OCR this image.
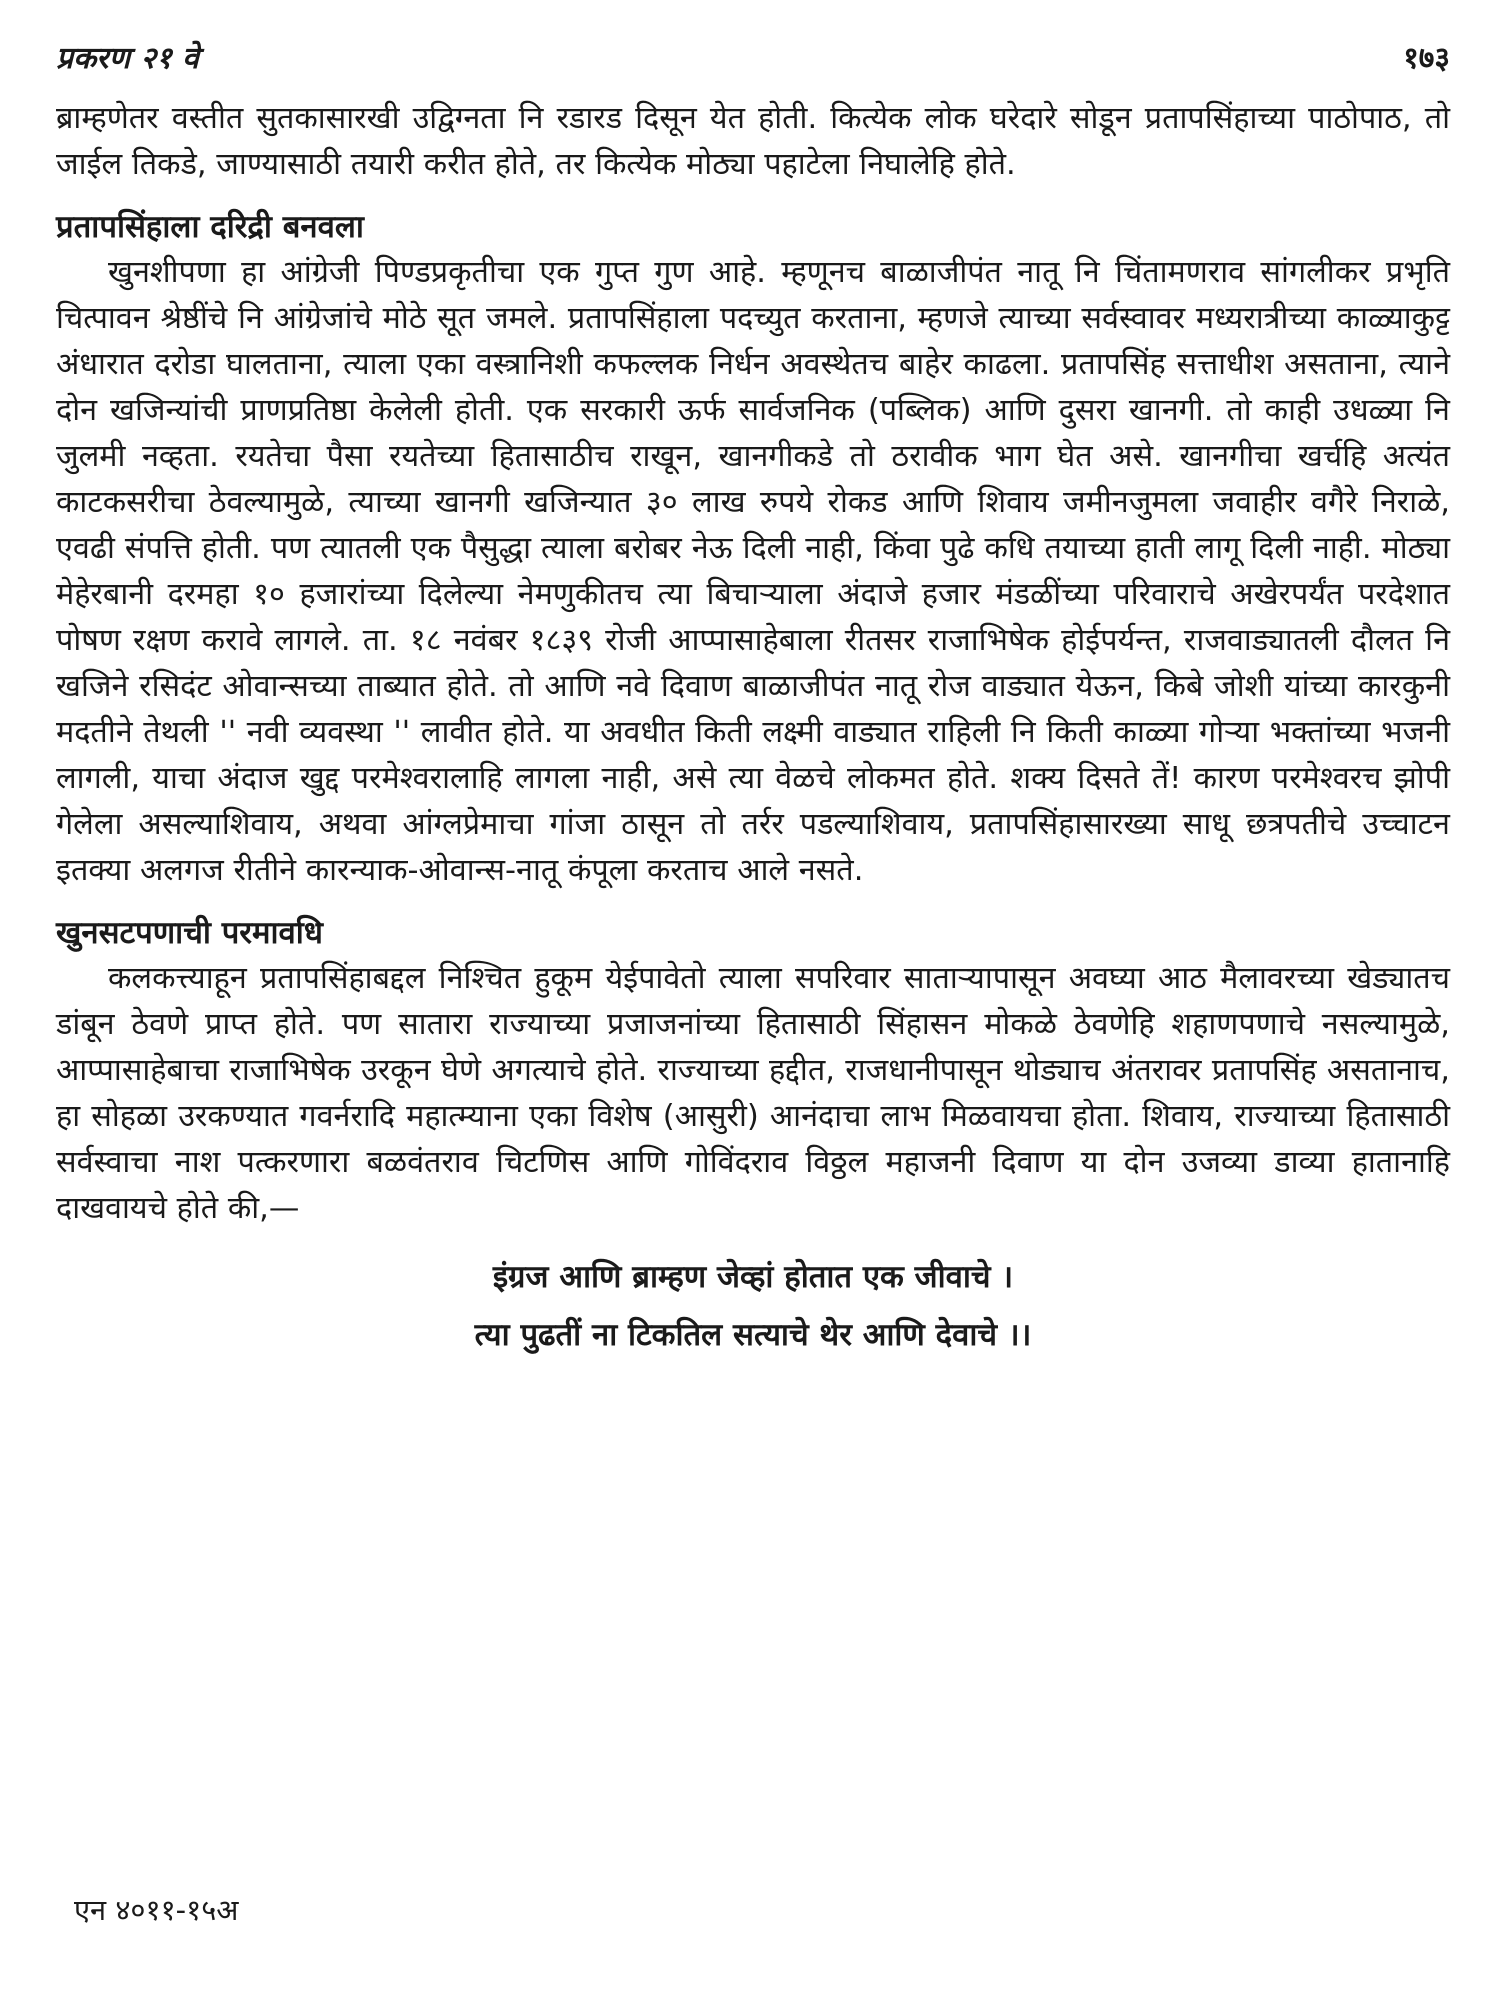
प्रकरण २१ वे	१७३

ब्राम्हणेतर वस्तीत सुतकासारखी उद्विग्नता नि रडारड दिसून येत होती. कित्येक लोक घरेदारे सोडून प्रतापसिंहाच्या पाठोपाठ, तो जाईल तिकडे, जाण्यासाठी तयारी करीत होते, तर कित्येक मोठ्या पहाटेला निघालेहि होते.

प्रतापसिंहाला दरिद्री बनवला

खुनशीपणा हा आंग्रेजी पिण्डप्रकृतीचा एक गुप्त गुण आहे. म्हणूनच बाळाजीपंत नातू नि चिंतामणराव सांगलीकर प्रभृति चित्पावन श्रेष्ठींचे नि आंग्रेजांचे मोठे सूत जमले. प्रतापसिंहाला पदच्युत करताना, म्हणजे त्याच्या सर्वस्वावर मध्यरात्रीच्या काळ्याकुट्ट अंधारात दरोडा घालताना, त्याला एका वस्त्रानिशी कफल्लक निर्धन अवस्थेतच बाहेर काढला. प्रतापसिंह सत्ताधीश असताना, त्याने दोन खजिन्यांची प्राणप्रतिष्ठा केलेली होती. एक सरकारी ऊर्फ सार्वजनिक (पब्लिक) आणि दुसरा खानगी. तो काही उधळ्या नि जुलमी नव्हता. रयतेचा पैसा रयतेच्या हितासाठीच राखून, खानगीकडे तो ठरावीक भाग घेत असे. खानगीचा खर्चहि अत्यंत काटकसरीचा ठेवल्यामुळे, त्याच्या खानगी खजिन्यात ३० लाख रुपये रोकड आणि शिवाय जमीनजुमला जवाहीर वगैरे निराळे, एवढी संपत्ति होती. पण त्यातली एक पैसुद्धा त्याला बरोबर नेऊ दिली नाही, किंवा पुढे कधि तयाच्या हाती लागू दिली नाही. मोठ्या मेहेरबानी दरमहा १० हजारांच्या दिलेल्या नेमणुकीतच त्या बिचाऱ्याला अंदाजे हजार मंडळींच्या परिवाराचे अखेरपर्यंत परदेशात पोषण रक्षण करावे लागले. ता. १८ नवंबर १८३९ रोजी आप्पासाहेबाला रीतसर राजाभिषेक होईपर्यन्त, राजवाड्यातली दौलत नि खजिने रसिदंट ओवान्सच्या ताब्यात होते. तो आणि नवे दिवाण बाळाजीपंत नातू रोज वाड्यात येऊन, किबे जोशी यांच्या कारकुनी मदतीने तेथली '' नवी व्यवस्था '' लावीत होते. या अवधीत किती लक्ष्मी वाड्यात राहिली नि किती काळ्या गोऱ्या भक्तांच्या भजनी लागली, याचा अंदाज खुद्द परमेश्वरालाहि लागला नाही, असे त्या वेळचे लोकमत होते. शक्य दिसते तें! कारण परमेश्वरच झोपी गेलेला असल्याशिवाय, अथवा आंग्लप्रेमाचा गांजा ठासून तो तर्रर पडल्याशिवाय, प्रतापसिंहासारख्या साधू छत्रपतीचे उच्चाटन इतक्या अलगज रीतीने कारन्याक-ओवान्स-नातू कंपूला करताच आले नसते.

खुनसटपणाची परमावधि

कलकत्त्याहून प्रतापसिंहाबद्दल निश्चित हुकूम येईपावेतो त्याला सपरिवार साताऱ्यापासून अवघ्या आठ मैलावरच्या खेड्यातच डांबून ठेवणे प्राप्त होते. पण सातारा राज्याच्या प्रजाजनांच्या हितासाठी सिंहासन मोकळे ठेवणेहि शहाणपणाचे नसल्यामुळे, आप्पासाहेबाचा राजाभिषेक उरकून घेणे अगत्याचे होते. राज्याच्या हद्दीत, राजधानीपासून थोड्याच अंतरावर प्रतापसिंह असतानाच, हा सोहळा उरकण्यात गवर्नरादि महात्म्याना एका विशेष (आसुरी) आनंदाचा लाभ मिळवायचा होता. शिवाय, राज्याच्या हितासाठी सर्वस्वाचा नाश पत्करणारा बळवंतराव चिटणिस आणि गोविंदराव विठ्ठल महाजनी दिवाण या दोन उजव्या डाव्या हातानाहि दाखवायचे होते की,—

इंग्रज आणि ब्राम्हण जेव्हां होतात एक जीवाचे ।
त्या पुढतीं ना टिकतिल सत्याचे थेर आणि देवाचे ।।
एन ४०११-१५अ
